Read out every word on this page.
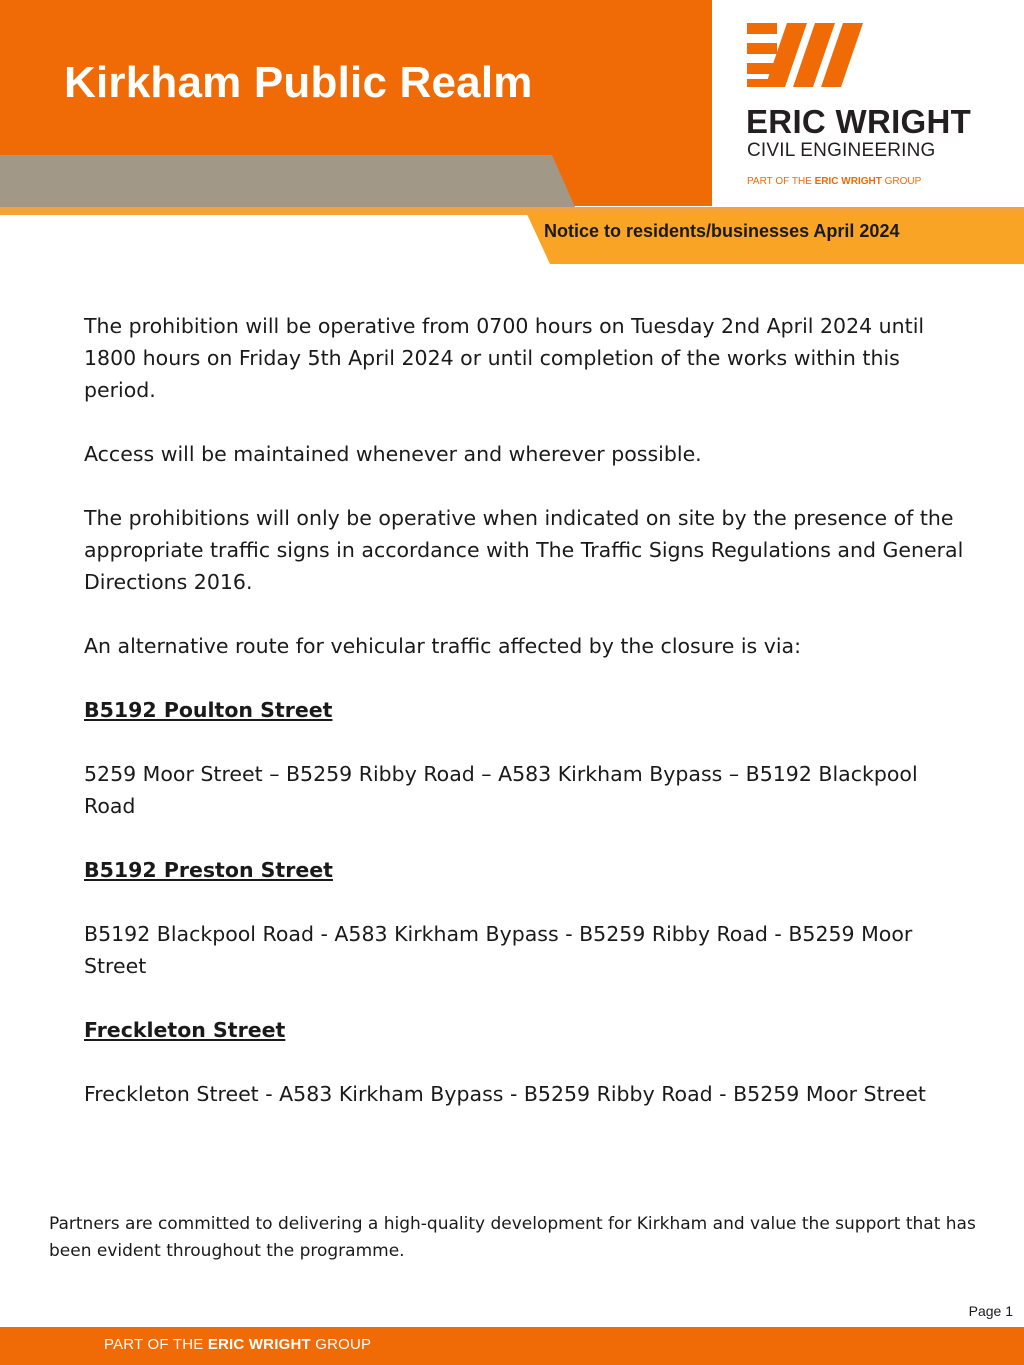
Kirkham Public Realm
ERIC WRIGHT
CIVIL ENGINEERING
PART OF THE ERIC WRIGHT GROUP
Notice to residents/businesses April 2024

The prohibition will be operative from 0700 hours on Tuesday 2nd April 2024 until 1800 hours on Friday 5th April 2024 or until completion of the works within this period.

Access will be maintained whenever and wherever possible.

The prohibitions will only be operative when indicated on site by the presence of the appropriate traffic signs in accordance with The Traffic Signs Regulations and General Directions 2016.

An alternative route for vehicular traffic affected by the closure is via:

B5192 Poulton Street

5259 Moor Street – B5259 Ribby Road – A583 Kirkham Bypass – B5192 Blackpool Road

B5192 Preston Street

B5192 Blackpool Road - A583 Kirkham Bypass - B5259 Ribby Road - B5259 Moor Street

Freckleton Street

Freckleton Street - A583 Kirkham Bypass - B5259 Ribby Road - B5259 Moor Street

Partners are committed to delivering a high-quality development for Kirkham and value the support that has been evident throughout the programme.
Page 1
PART OF THE ERIC WRIGHT GROUP
